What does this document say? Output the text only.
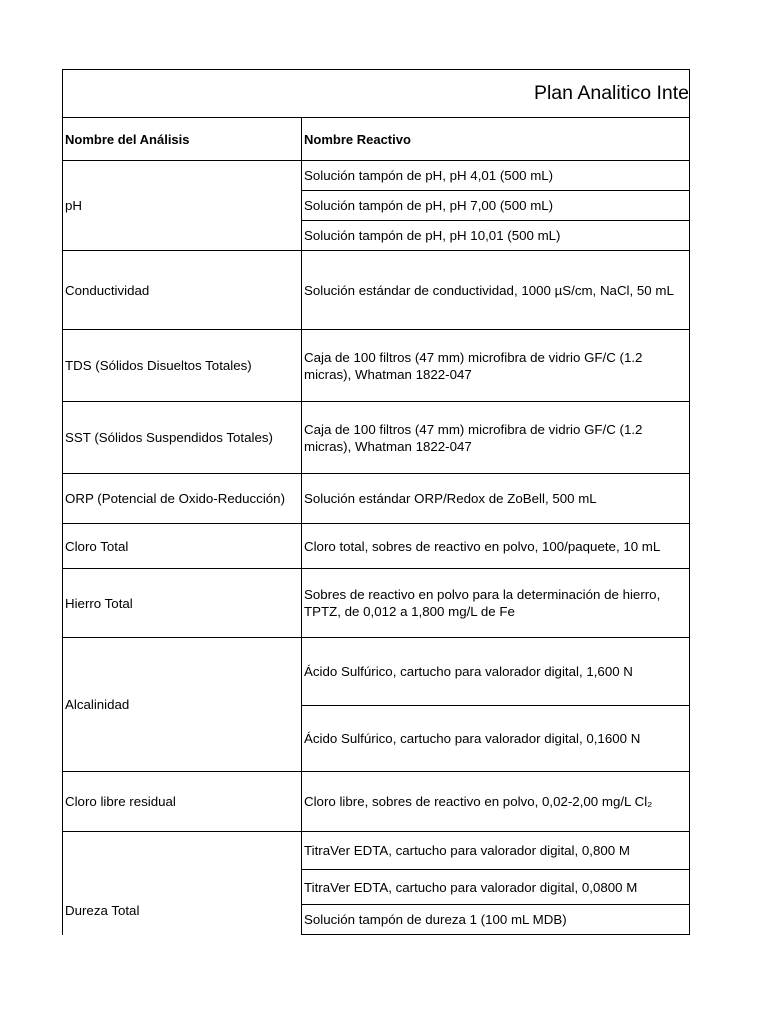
Plan Analitico Inte
Nombre del Análisis	Nombre Reactivo
pH
Conductividad
TDS (Sólidos Disueltos Totales)
SST (Sólidos Suspendidos Totales)
ORP (Potencial de Oxido-Reducción)
Cloro Total
Hierro Total
Alcalinidad
Cloro libre residual
Dureza Total
Solución tampón de pH, pH 4,01 (500 mL)
Solución tampón de pH, pH 7,00 (500 mL)
Solución tampón de pH, pH 10,01 (500 mL)
Solución estándar de conductividad, 1000 µS/cm, NaCl, 50 mL
Caja de 100 filtros (47 mm) microfibra de vidrio GF/C (1.2 micras), Whatman 1822-047
Caja de 100 filtros (47 mm) microfibra de vidrio GF/C (1.2 micras), Whatman 1822-047
Solución estándar ORP/Redox de ZoBell, 500 mL
Cloro total, sobres de reactivo en polvo, 100/paquete, 10 mL
Sobres de reactivo en polvo para la determinación de hierro, TPTZ, de 0,012 a 1,800 mg/L de Fe
Ácido Sulfúrico, cartucho para valorador digital, 1,600 N
Ácido Sulfúrico, cartucho para valorador digital, 0,1600 N
Cloro libre, sobres de reactivo en polvo, 0,02-2,00 mg/L Cl₂
TitraVer EDTA, cartucho para valorador digital, 0,800 M
TitraVer EDTA, cartucho para valorador digital, 0,0800 M
Solución tampón de dureza 1 (100 mL MDB)
